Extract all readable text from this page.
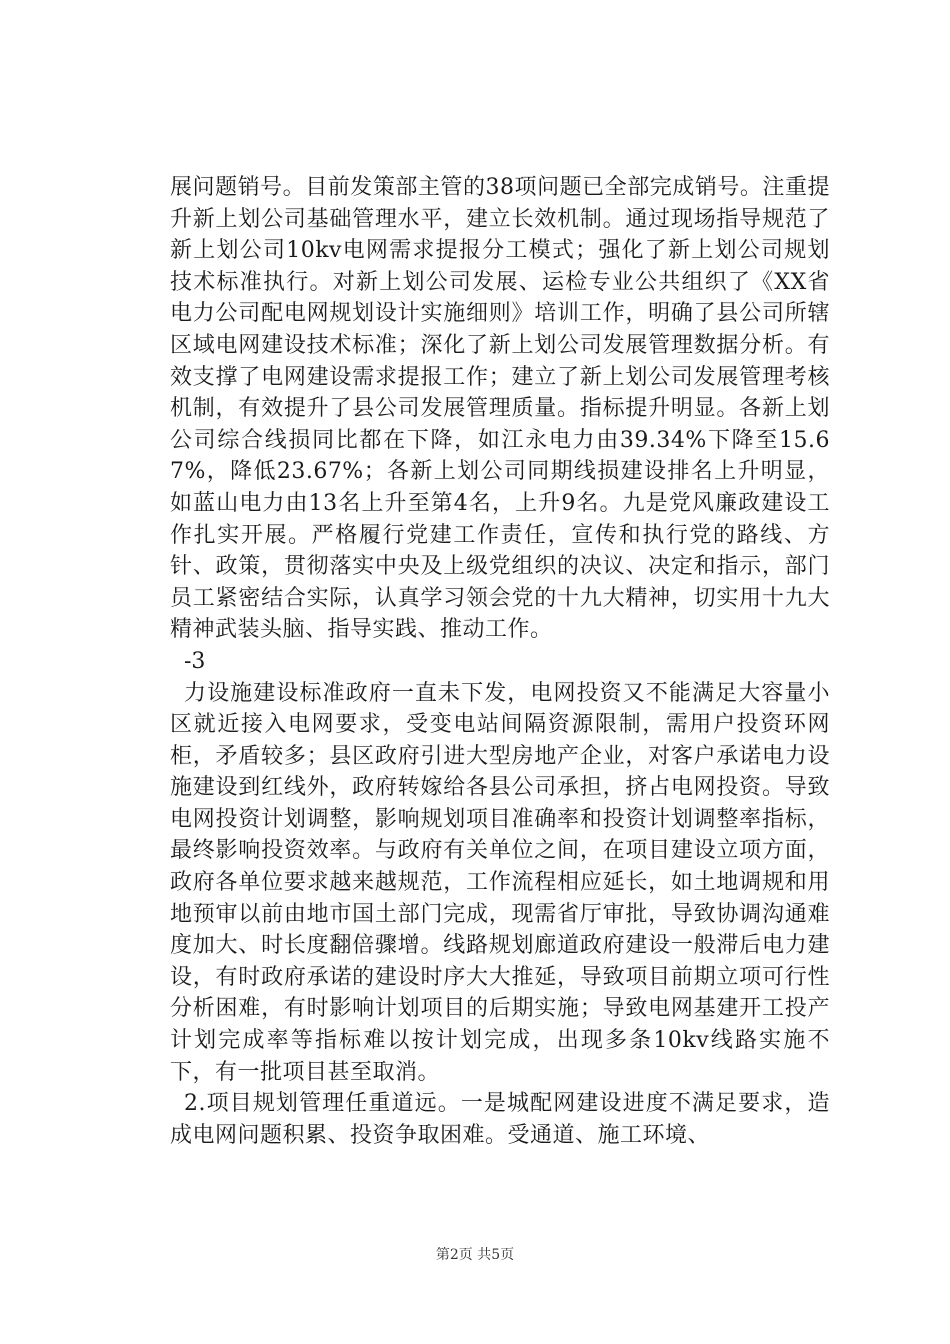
展问题销号。目前发策部主管的38项问题已全部完成销号。注重提升新上划公司基础管理水平，建立长效机制。通过现场指导规范了新上划公司10kv电网需求提报分工模式；强化了新上划公司规划技术标准执行。对新上划公司发展、运检专业公共组织了《XX省电力公司配电网规划设计实施细则》培训工作，明确了县公司所辖区域电网建设技术标准；深化了新上划公司发展管理数据分析。有效支撑了电网建设需求提报工作；建立了新上划公司发展管理考核机制，有效提升了县公司发展管理质量。指标提升明显。各新上划公司综合线损同比都在下降，如江永电力由39.34%下降至15.67%，降低23.67%；各新上划公司同期线损建设排名上升明显，如蓝山电力由13名上升至第4名，上升9名。九是党风廉政建设工作扎实开展。严格履行党建工作责任，宣传和执行党的路线、方针、政策，贯彻落实中央及上级党组织的决议、决定和指示，部门员工紧密结合实际，认真学习领会党的十九大精神，切实用十九大精神武装头脑、指导实践、推动工作。

-3

力设施建设标准政府一直未下发，电网投资又不能满足大容量小区就近接入电网要求，受变电站间隔资源限制，需用户投资环网柜，矛盾较多；县区政府引进大型房地产企业，对客户承诺电力设施建设到红线外，政府转嫁给各县公司承担，挤占电网投资。导致电网投资计划调整，影响规划项目准确率和投资计划调整率指标，最终影响投资效率。与政府有关单位之间，在项目建设立项方面，政府各单位要求越来越规范，工作流程相应延长，如土地调规和用地预审以前由地市国土部门完成，现需省厅审批，导致协调沟通难度加大、时长度翻倍骤增。线路规划廊道政府建设一般滞后电力建设，有时政府承诺的建设时序大大推延，导致项目前期立项可行性分析困难，有时影响计划项目的后期实施；导致电网基建开工投产计划完成率等指标难以按计划完成，出现多条10kv线路实施不下，有一批项目甚至取消。

2.项目规划管理任重道远。一是城配网建设进度不满足要求，造成电网问题积累、投资争取困难。受通道、施工环境、

第2页 共5页
